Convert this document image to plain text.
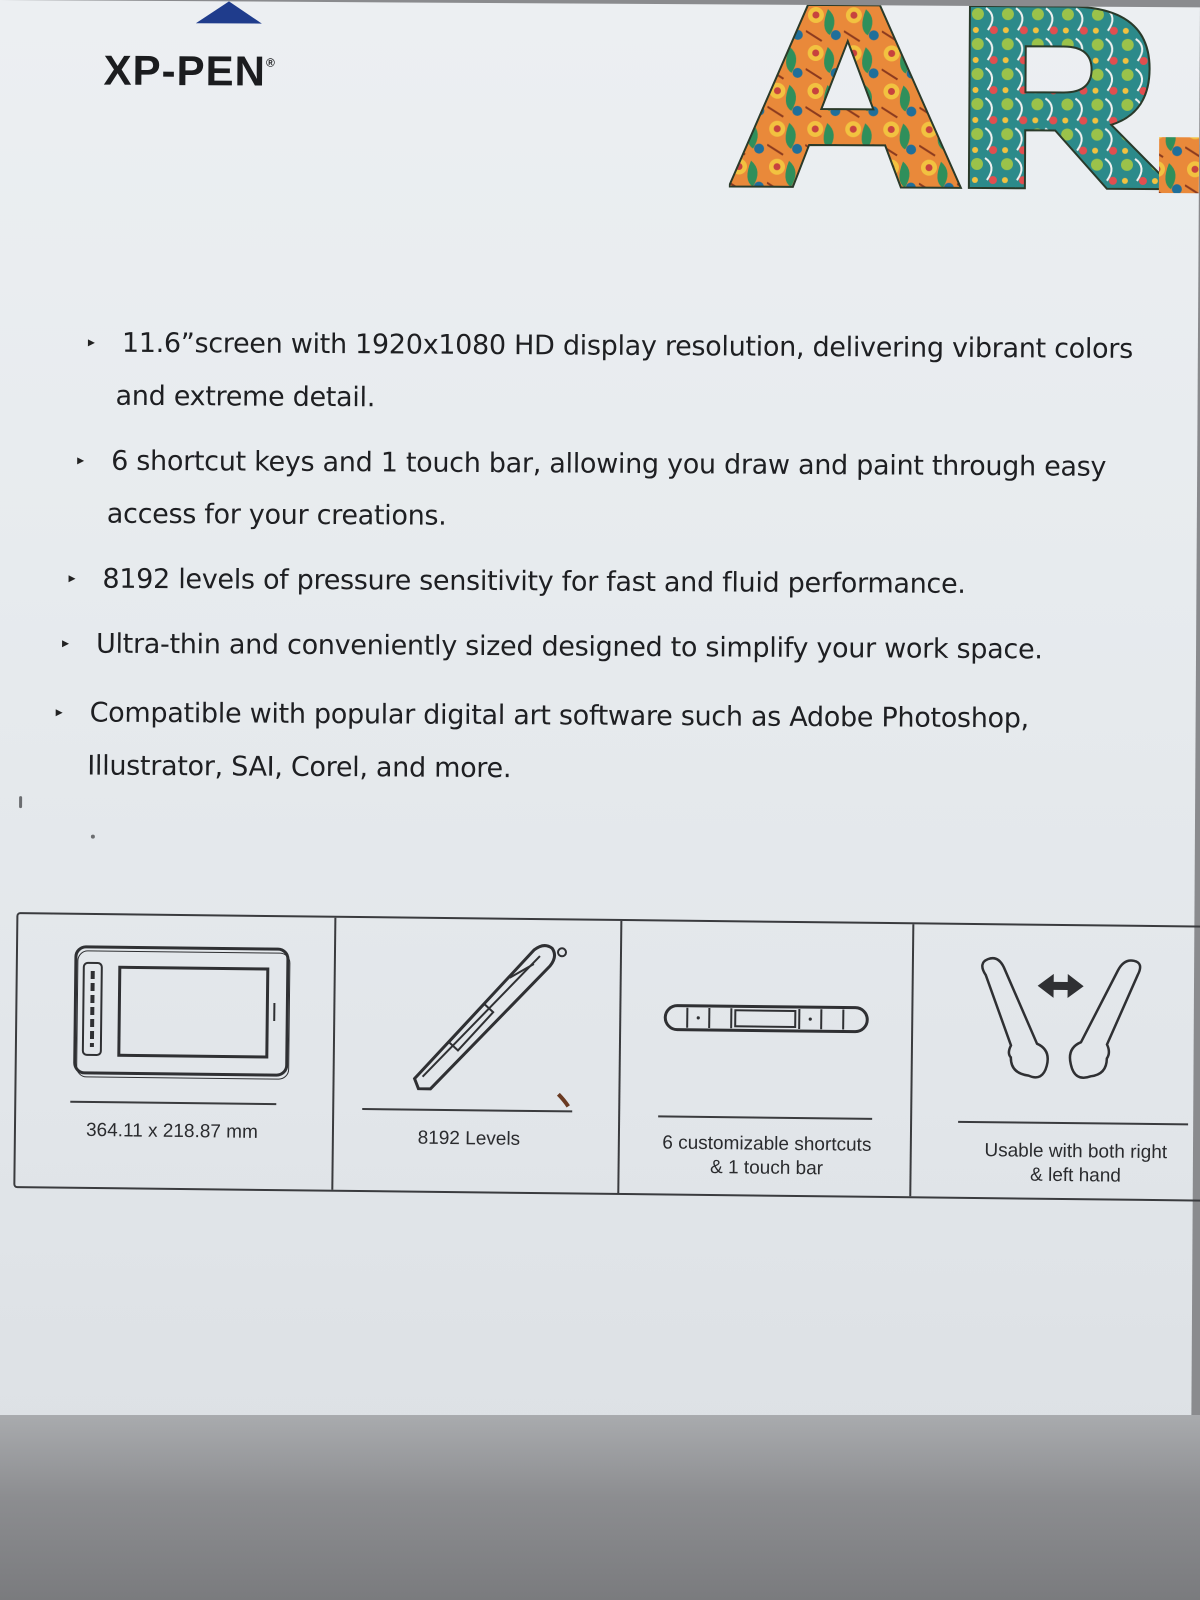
XP-PEN®
▸ 11.6”screen with 1920x1080 HD display resolution, delivering vibrant colors
and extreme detail.
▸ 6 shortcut keys and 1 touch bar, allowing you draw and paint through easy
access for your creations.
▸ 8192 levels of pressure sensitivity for fast and fluid performance.
▸ Ultra-thin and conveniently sized designed to simplify your work space.
▸ Compatible with popular digital art software such as Adobe Photoshop,
Illustrator, SAI, Corel, and more.
364.11 x 218.87 mm	8192 Levels	6 customizable shortcuts
& 1 touch bar
Usable with both right
& left hand
